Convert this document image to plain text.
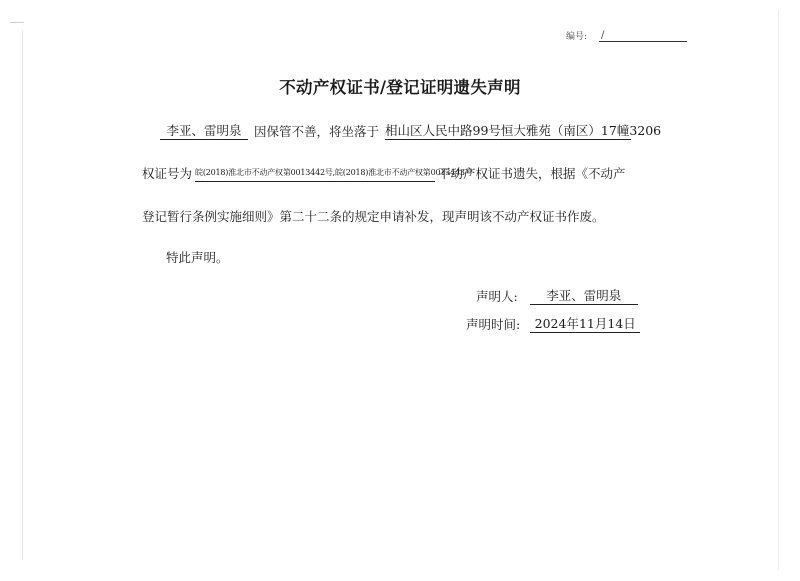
编号: /
不动产权证书/登记证明遗失声明
李亚、雷明泉	因保管不善，将坐落于 相山区人民中路99号恒大雅苑（南区）17幢3206
权证号为 皖(2018)淮北市不动产权第0013442号,皖(2018)淮北市不动产权第0013443号
不动产权证书遗失，根据《不动产
登记暂行条例实施细则》第二十二条的规定申请补发，现声明该不动产权证书作废。
特此声明。
声明人:	李亚、雷明泉
声明时间:	2024年11月14日
